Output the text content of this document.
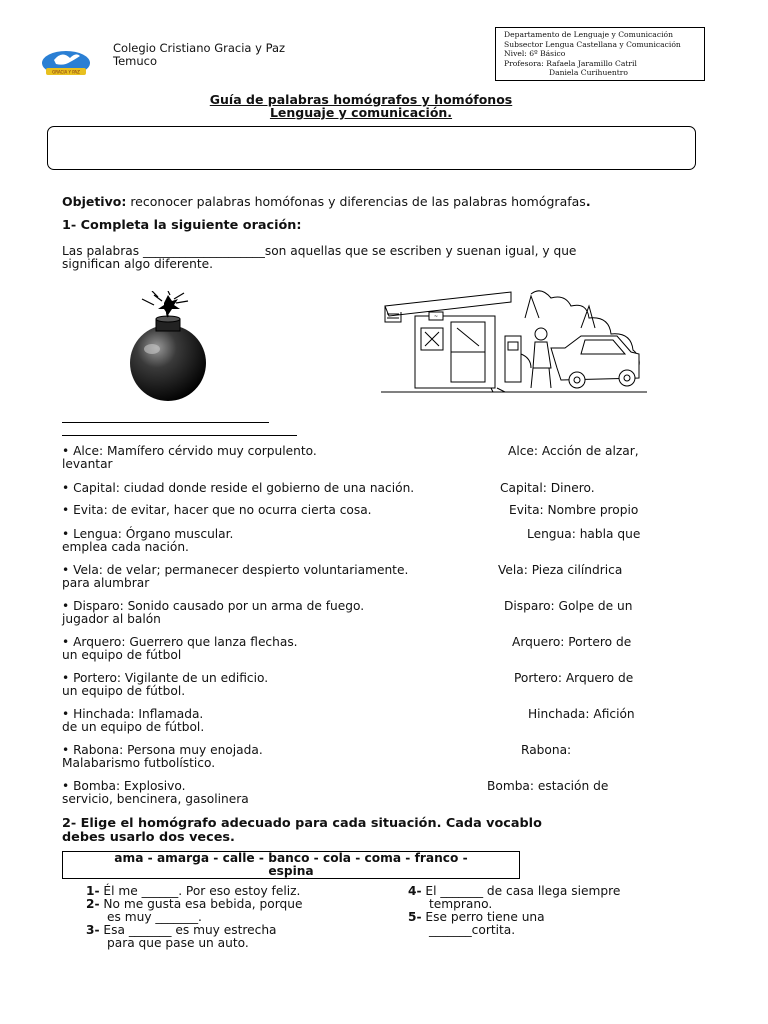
GRACIA Y PAZ
Colegio Cristiano Gracia y Paz
Temuco
Departamento de Lenguaje y Comunicación
Subsector Lengua Castellana y Comunicación
Nivel: 6º Básico
Profesora: Rafaela Jaramillo Catril
Daniela Curihuentro
Guía de palabras homógrafos y homófonos
Lenguaje y comunicación.
Objetivo: reconocer palabras homófonas y diferencias de las palabras homógrafas.
1- Completa la siguiente oración:
Las palabras ____________________son aquellas que se escriben y suenan igual, y que
significan algo diferente.
~
• Alce: Mamífero cérvido muy corpulento.	Alce: Acción de alzar,
levantar
• Capital: ciudad donde reside el gobierno de una nación.	Capital: Dinero.
• Evita: de evitar, hacer que no ocurra cierta cosa.	Evita: Nombre propio
• Lengua: Órgano muscular.	Lengua: habla que
emplea cada nación.
• Vela: de velar; permanecer despierto voluntariamente.	Vela: Pieza cilíndrica
para alumbrar
• Disparo: Sonido causado por un arma de fuego.	Disparo: Golpe de un
jugador al balón
• Arquero: Guerrero que lanza flechas.	Arquero: Portero de
un equipo de fútbol
• Portero: Vigilante de un edificio.	Portero: Arquero de
un equipo de fútbol.
• Hinchada: Inflamada.	Hinchada: Afición
de un equipo de fútbol.
• Rabona: Persona muy enojada.	Rabona:
Malabarismo futbolístico.
• Bomba: Explosivo.	Bomba: estación de
servicio, bencinera, gasolinera
2- Elige el homógrafo adecuado para cada situación. Cada vocablo
debes usarlo dos veces.
ama - amarga - calle - banco - cola - coma - franco -
espina
1- Él me ______. Por eso estoy feliz.
2- No me gusta esa bebida, porque
es muy _______.
3- Esa _______ es muy estrecha
para que pase un auto.
4- El _______ de casa llega siempre
temprano.
5- Ese perro tiene una
_______cortita.
